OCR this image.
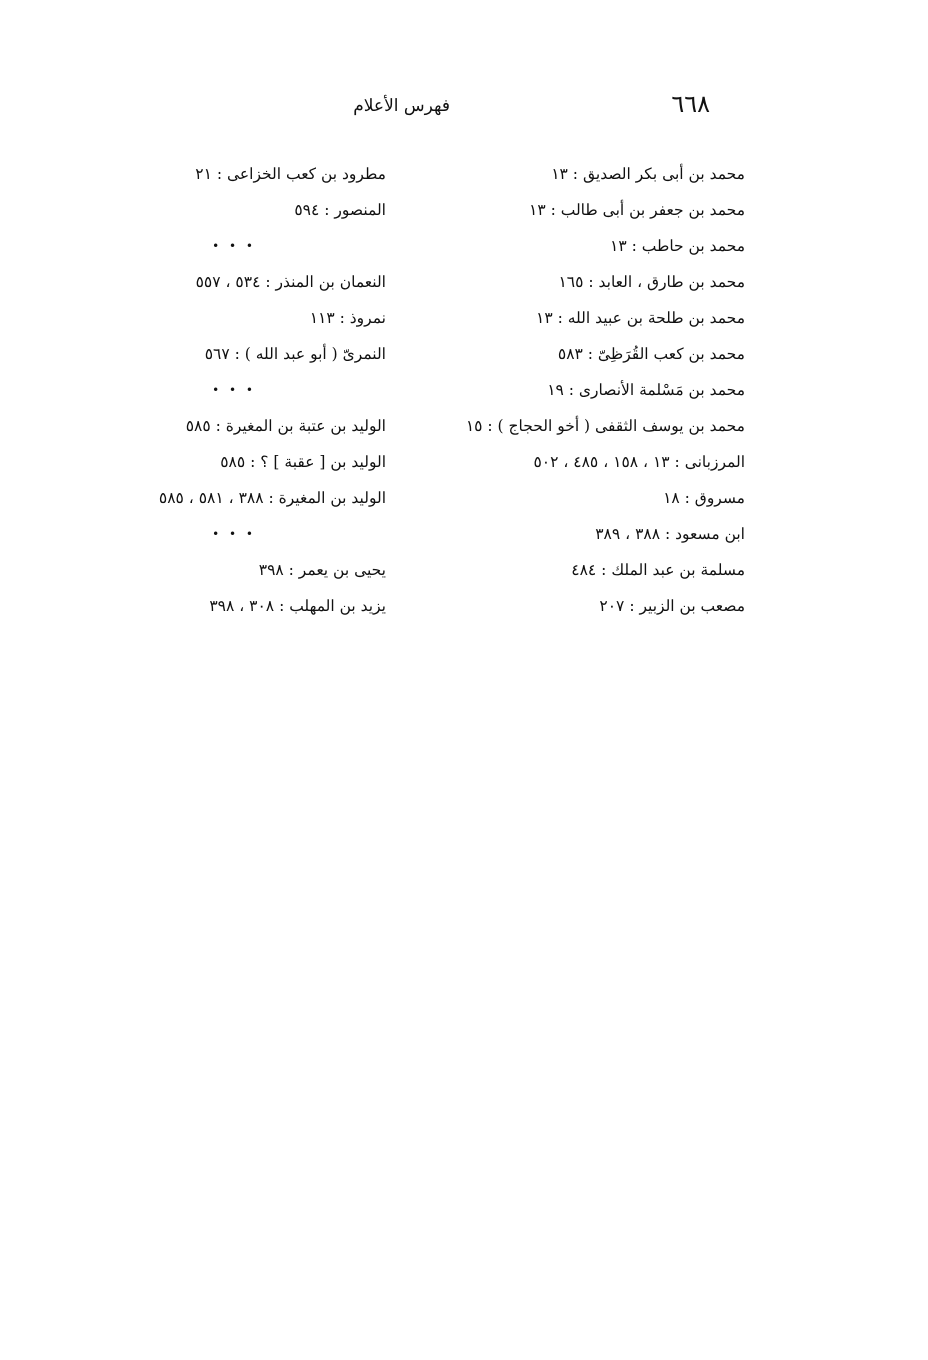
٦٦٨
فهرس الأعلام
محمد بن أبى بكر الصديق : ١٣
محمد بن جعفر بن أبى طالب : ١٣
محمد بن حاطب : ١٣
محمد بن طارق ، العابد : ١٦٥
محمد بن طلحة بن عبيد الله : ١٣
محمد بن كعب القُرَظِىّ : ٥٨٣
محمد بن مَسْلمة الأنصارى : ١٩
محمد بن يوسف الثقفى ( أخو الحجاج ) : ١٥
المرزبانى : ١٣ ، ١٥٨ ، ٤٨٥ ، ٥٠٢
مسروق : ١٨
ابن مسعود : ٣٨٨ ، ٣٨٩
مسلمة بن عبد الملك : ٤٨٤
مصعب بن الزبير : ٢٠٧
مطرود بن كعب الخزاعى : ٢١
المنصور : ٥٩٤
• • •
النعمان بن المنذر : ٥٣٤ ، ٥٥٧
نمروذ : ١١٣
النمرىّ ( أبو عبد الله ) : ٥٦٧
• • •
الوليد بن عتبة بن المغيرة : ٥٨٥
الوليد بن [ عقبة ] ؟ : ٥٨٥
الوليد بن المغيرة : ٣٨٨ ، ٥٨١ ، ٥٨٥
• • •
يحيى بن يعمر : ٣٩٨
يزيد بن المهلب : ٣٠٨ ، ٣٩٨
